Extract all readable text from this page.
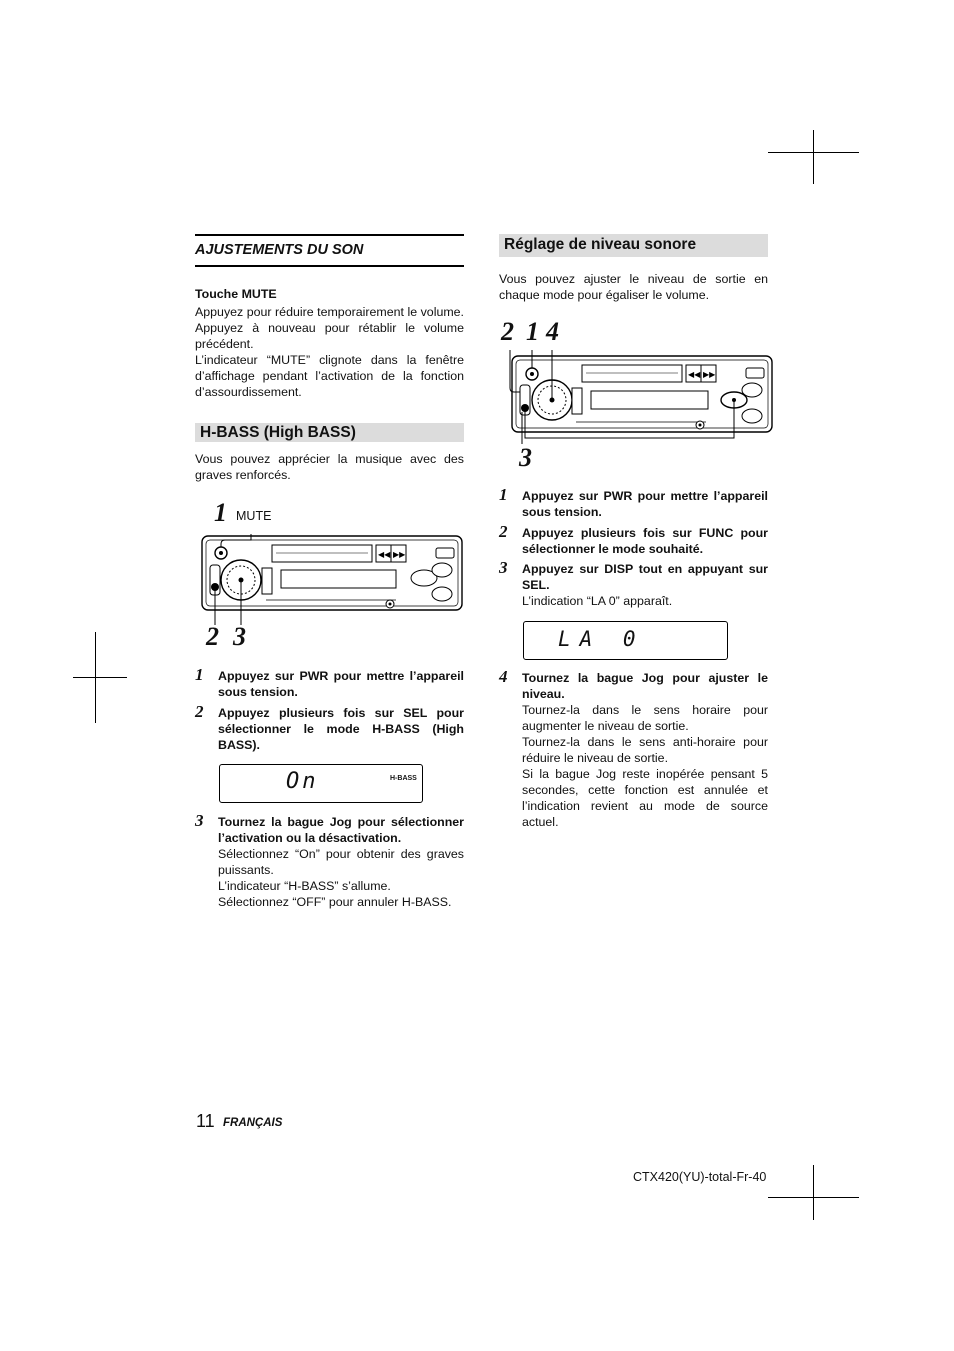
AJUSTEMENTS DU SON
Touche MUTE
Appuyez pour réduire temporairement le volume. Appuyez à nouveau pour rétablir le volume précédent.
L’indicateur “MUTE” clignote dans la fenêtre d’affichage pendant l’activation de la fonction d’assourdissement.
H-BASS (High BASS)
Vous pouvez apprécier la musique avec des graves renforcés.
1 MUTE
2 3
◀◀ ▶▶
1 Appuyez sur PWR pour mettre l’appareil sous tension.
2 Appuyez plusieurs fois sur SEL pour sélectionner le mode H-BASS (High BASS).
On	H-BASS
3 Tournez la bague Jog pour sélectionner l’activation ou la désactivation.
Sélectionnez “On” pour obtenir des graves puissants.
L’indicateur “H-BASS” s’allume.
Sélectionnez “OFF” pour annuler H-BASS.
Réglage de niveau sonore
Vous pouvez ajuster le niveau de sortie en chaque mode pour égaliser le volume.
2 1 4
3
◀◀ ▶▶
1 Appuyez sur PWR pour mettre l’appareil sous tension.
2 Appuyez plusieurs fois sur FUNC pour sélectionner le mode souhaité.
3 Appuyez sur DISP tout en appuyant sur SEL.
L’indication “LA 0” apparaît.
LA 0
4 Tournez la bague Jog pour ajuster le niveau.
Tournez-la dans le sens horaire pour augmenter le niveau de sortie.
Tournez-la dans le sens anti-horaire pour réduire le niveau de sortie.
Si la bague Jog reste inopérée pensant 5 secondes, cette fonction est annulée et l’indication revient au mode de source actuel.
11 FRANÇAIS
CTX420(YU)-total-Fr-40
